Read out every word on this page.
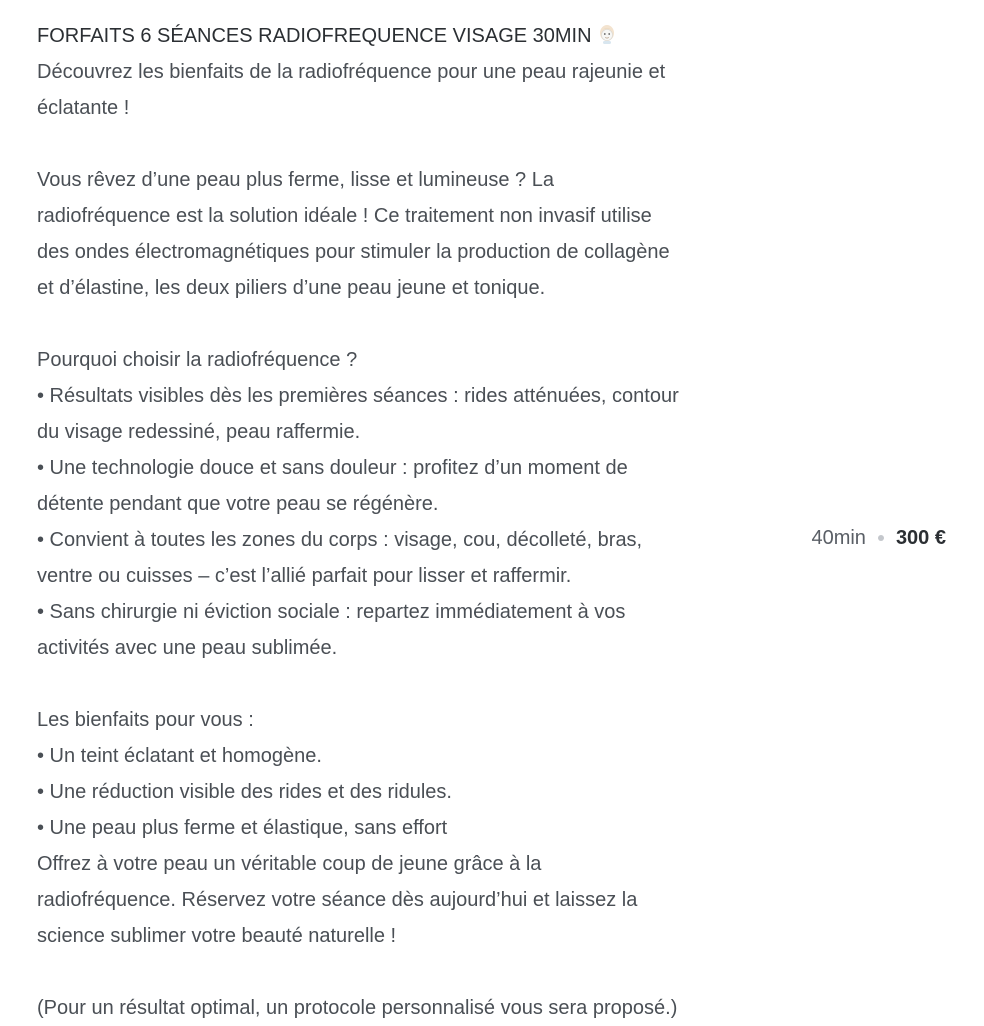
FORFAITS 6 SÉANCES RADIOFREQUENCE VISAGE 30MIN
Découvrez les bienfaits de la radiofréquence pour une peau rajeunie et
éclatante !
Vous rêvez d’une peau plus ferme, lisse et lumineuse ? La
radiofréquence est la solution idéale ! Ce traitement non invasif utilise
des ondes électromagnétiques pour stimuler la production de collagène
et d’élastine, les deux piliers d’une peau jeune et tonique.
Pourquoi choisir la radiofréquence ?
• Résultats visibles dès les premières séances : rides atténuées, contour
du visage redessiné, peau raffermie.
• Une technologie douce et sans douleur : profitez d’un moment de
détente pendant que votre peau se régénère.
• Convient à toutes les zones du corps : visage, cou, décolleté, bras,
ventre ou cuisses – c’est l’allié parfait pour lisser et raffermir.
• Sans chirurgie ni éviction sociale : repartez immédiatement à vos
activités avec une peau sublimée.
Les bienfaits pour vous :
• Un teint éclatant et homogène.
• Une réduction visible des rides et des ridules.
• Une peau plus ferme et élastique, sans effort
Offrez à votre peau un véritable coup de jeune grâce à la
radiofréquence. Réservez votre séance dès aujourd’hui et laissez la
science sublimer votre beauté naturelle !
(Pour un résultat optimal, un protocole personnalisé vous sera proposé.)
40min 300 €
